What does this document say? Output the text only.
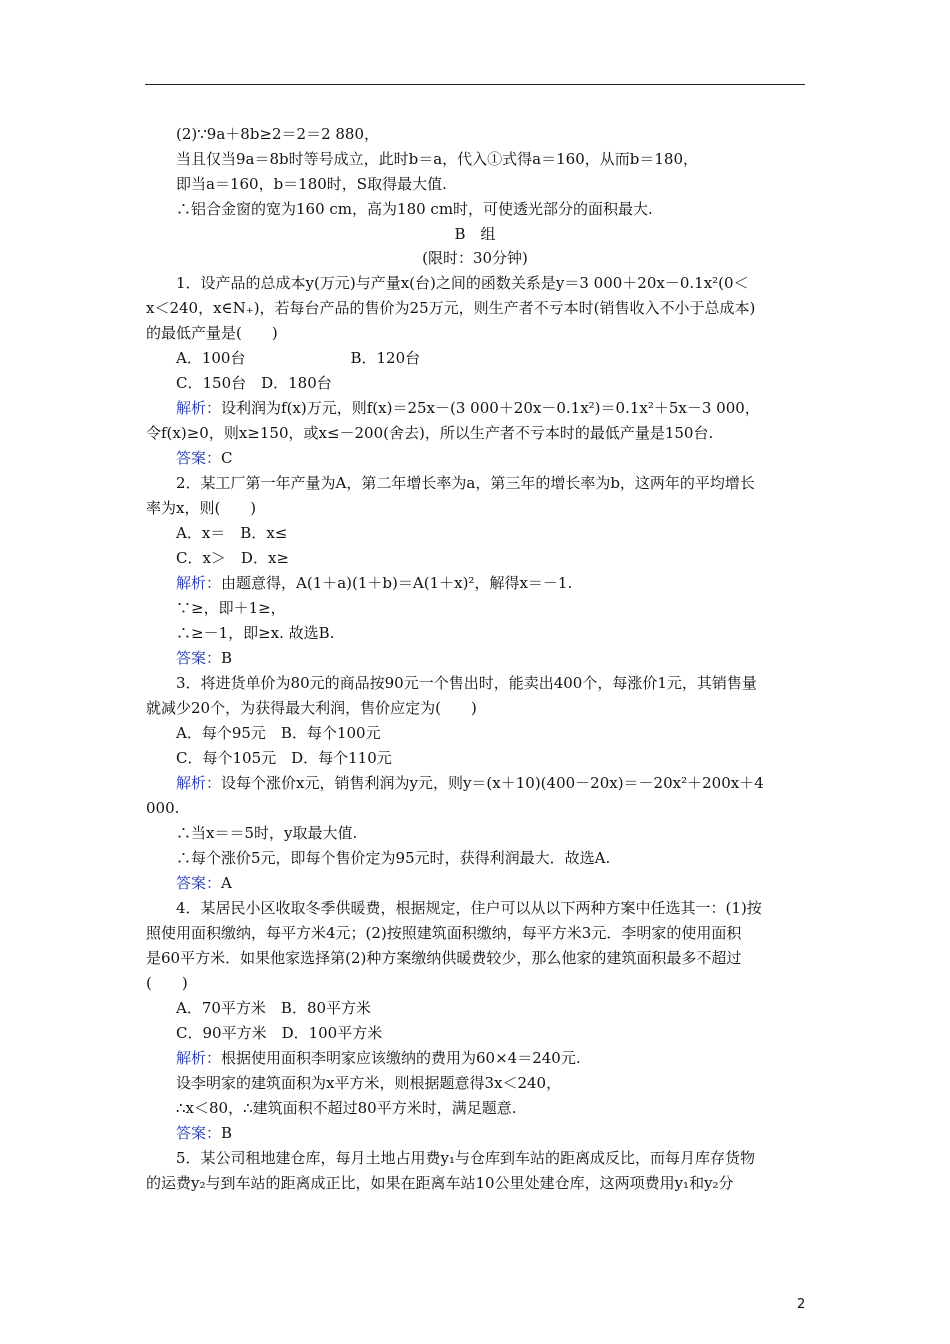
(2)∵9a＋8b≥2＝2＝2 880，
当且仅当9a＝8b时等号成立，此时b＝a，代入①式得a＝160，从而b＝180，
即当a＝160，b＝180时，S取得最大值.
∴铝合金窗的宽为160 cm，高为180 cm时，可使透光部分的面积最大.
B　组
(限时：30分钟)
1．设产品的总成本y(万元)与产量x(台)之间的函数关系是y＝3 000＋20x－0.1x²(0＜
x＜240，x∈N₊)，若每台产品的售价为25万元，则生产者不亏本时(销售收入不小于总成本)
的最低产量是(　　)
A．100台　　　　　　　B．120台
C．150台　D．180台
解析：设利润为f(x)万元，则f(x)＝25x－(3 000＋20x－0.1x²)＝0.1x²＋5x－3 000，
令f(x)≥0，则x≥150，或x≤－200(舍去)，所以生产者不亏本时的最低产量是150台.
答案：C
2．某工厂第一年产量为A，第二年增长率为a，第三年的增长率为b，这两年的平均增长
率为x，则(　　)
A．x＝　B．x≤
C．x＞　D．x≥
解析：由题意得，A(1＋a)(1＋b)＝A(1＋x)²，解得x＝－1.
∵≥，即＋1≥，
∴≥－1，即≥x. 故选B.
答案：B
3．将进货单价为80元的商品按90元一个售出时，能卖出400个，每涨价1元，其销售量
就减少20个，为获得最大利润，售价应定为(　　)
A．每个95元　B．每个100元
C．每个105元　D．每个110元
解析：设每个涨价x元，销售利润为y元，则y＝(x＋10)(400－20x)＝－20x²＋200x＋4
000.
∴当x＝＝5时，y取最大值.
∴每个涨价5元，即每个售价定为95元时，获得利润最大．故选A.
答案：A
4．某居民小区收取冬季供暖费，根据规定，住户可以从以下两种方案中任选其一：(1)按
照使用面积缴纳，每平方米4元；(2)按照建筑面积缴纳，每平方米3元．李明家的使用面积
是60平方米．如果他家选择第(2)种方案缴纳供暖费较少，那么他家的建筑面积最多不超过
(　　)
A．70平方米　B．80平方米
C．90平方米　D．100平方米
解析：根据使用面积李明家应该缴纳的费用为60×4＝240元.
设李明家的建筑面积为x平方米，则根据题意得3x＜240，
∴x＜80，∴建筑面积不超过80平方米时，满足题意.
答案：B
5．某公司租地建仓库，每月土地占用费y₁与仓库到车站的距离成反比，而每月库存货物
的运费y₂与到车站的距离成正比，如果在距离车站10公里处建仓库，这两项费用y₁和y₂分
2
